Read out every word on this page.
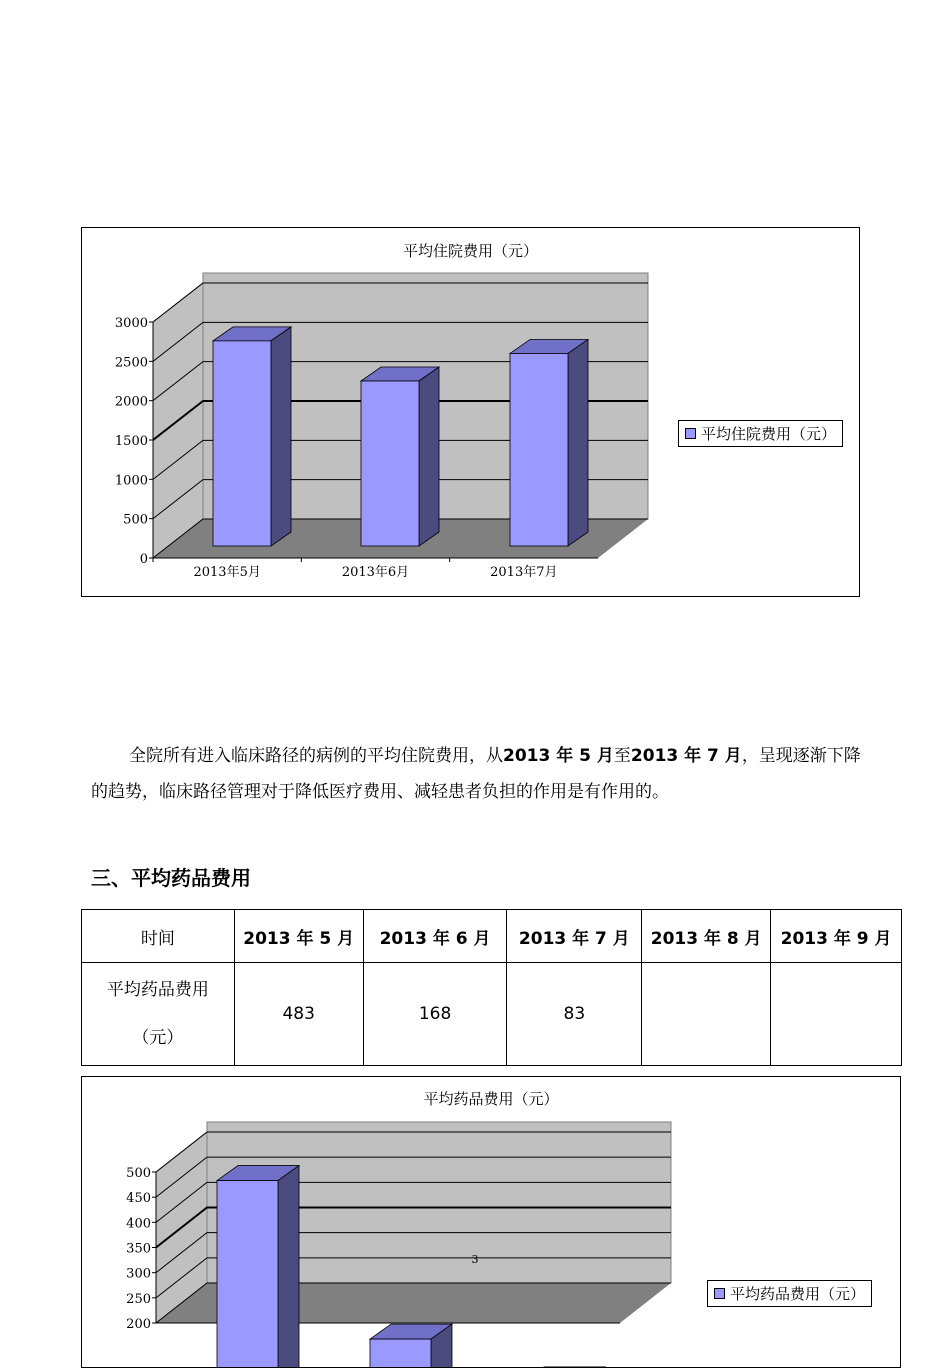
平均住院费用（元）
0
500
1000
1500
2000
2500
3000
2013年5月	2013年6月	2013年7月
平均住院费用（元）
全院所有进入临床路径的病例的平均住院费用，从2013 年 5 月至2013 年 7 月，呈现逐渐下降的趋势，临床路径管理对于降低医疗费用、减轻患者负担的作用是有作用的。
三、平均药品费用
时间	2013 年 5 月	2013 年 6 月	2013 年 7 月	2013 年 8 月	2013 年 9 月

平均药品费用
（元）	483	168	83		
平均药品费用（元）
200
250
300
350
400
450
500
3
平均药品费用（元）
